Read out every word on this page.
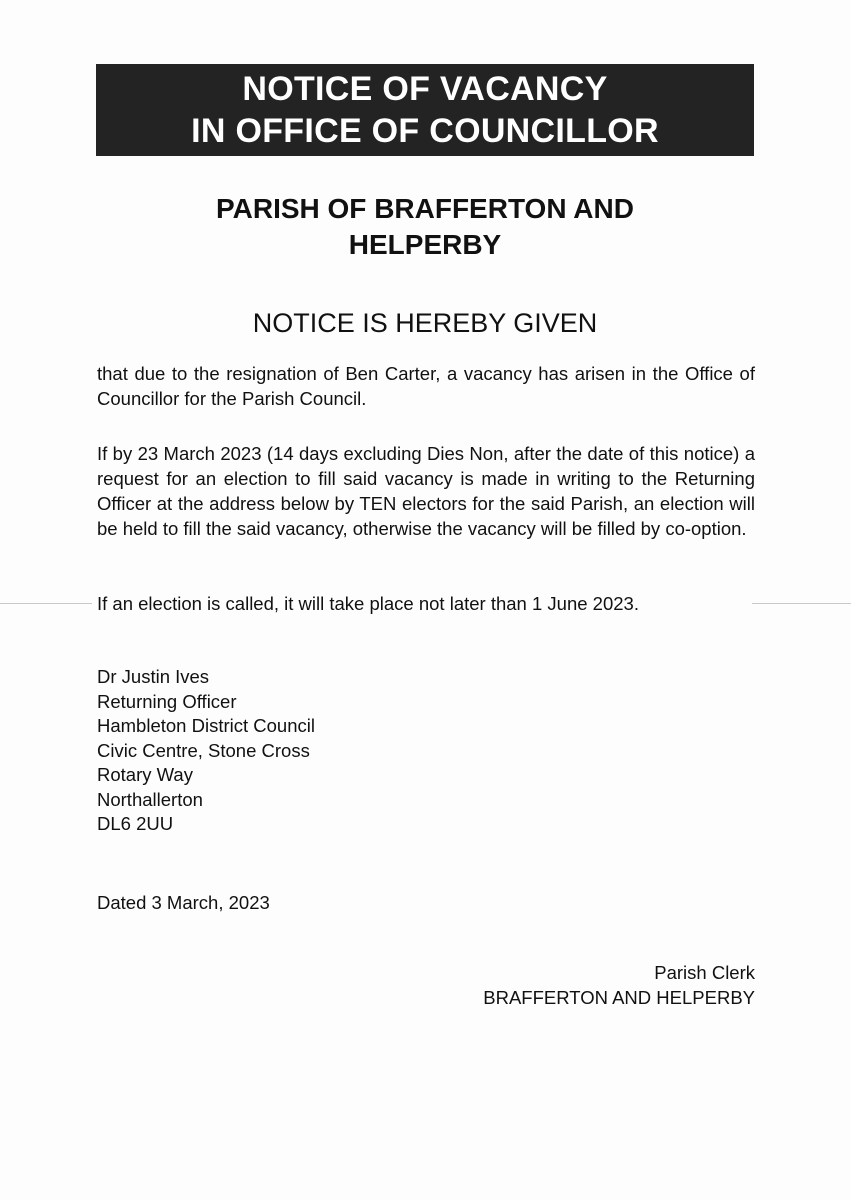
NOTICE OF VACANCY
IN OFFICE OF COUNCILLOR
PARISH OF BRAFFERTON AND
HELPERBY
NOTICE IS HEREBY GIVEN
that due to the resignation of Ben Carter, a vacancy has arisen in the Office of Councillor for the Parish Council.
If by 23 March 2023 (14 days excluding Dies Non, after the date of this notice) a request for an election to fill said vacancy is made in writing to the Returning Officer at the address below by TEN electors for the said Parish, an election will be held to fill the said vacancy, otherwise the vacancy will be filled by co-option.
If an election is called, it will take place not later than 1 June 2023.
Dr Justin Ives
Returning Officer
Hambleton District Council
Civic Centre, Stone Cross
Rotary Way
Northallerton
DL6 2UU
Dated 3 March, 2023
Parish Clerk
BRAFFERTON AND HELPERBY
